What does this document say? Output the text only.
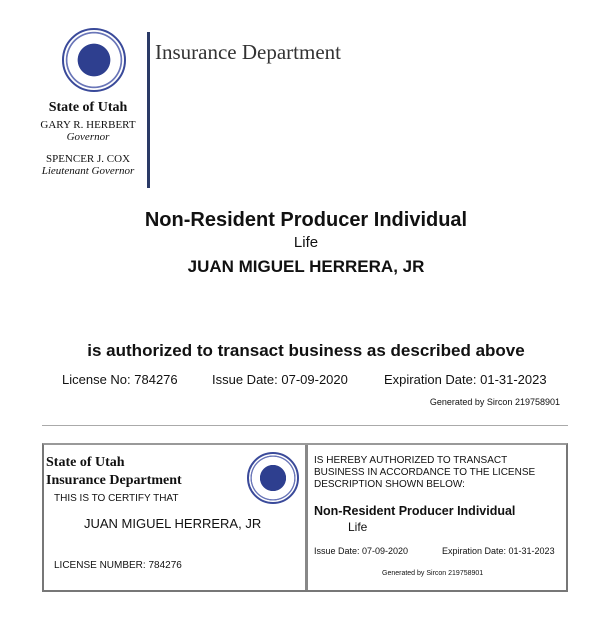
Insurance Department
State of Utah
GARY R. HERBERT
Governor
SPENCER J. COX
Lieutenant Governor
Non-Resident Producer Individual
Life
JUAN MIGUEL HERRERA, JR
is authorized to transact business as described above
License No: 784276	Issue Date: 07-09-2020	Expiration Date: 01-31-2023
Generated by Sircon 219758901
State of Utah
Insurance Department
THIS IS TO CERTIFY THAT
JUAN MIGUEL HERRERA, JR
LICENSE NUMBER: 784276
IS HEREBY AUTHORIZED TO TRANSACT BUSINESS IN ACCORDANCE TO THE LICENSE DESCRIPTION SHOWN BELOW:
Non-Resident Producer Individual
Life
Issue Date: 07-09-2020	Expiration Date: 01-31-2023
Generated by Sircon 219758901
